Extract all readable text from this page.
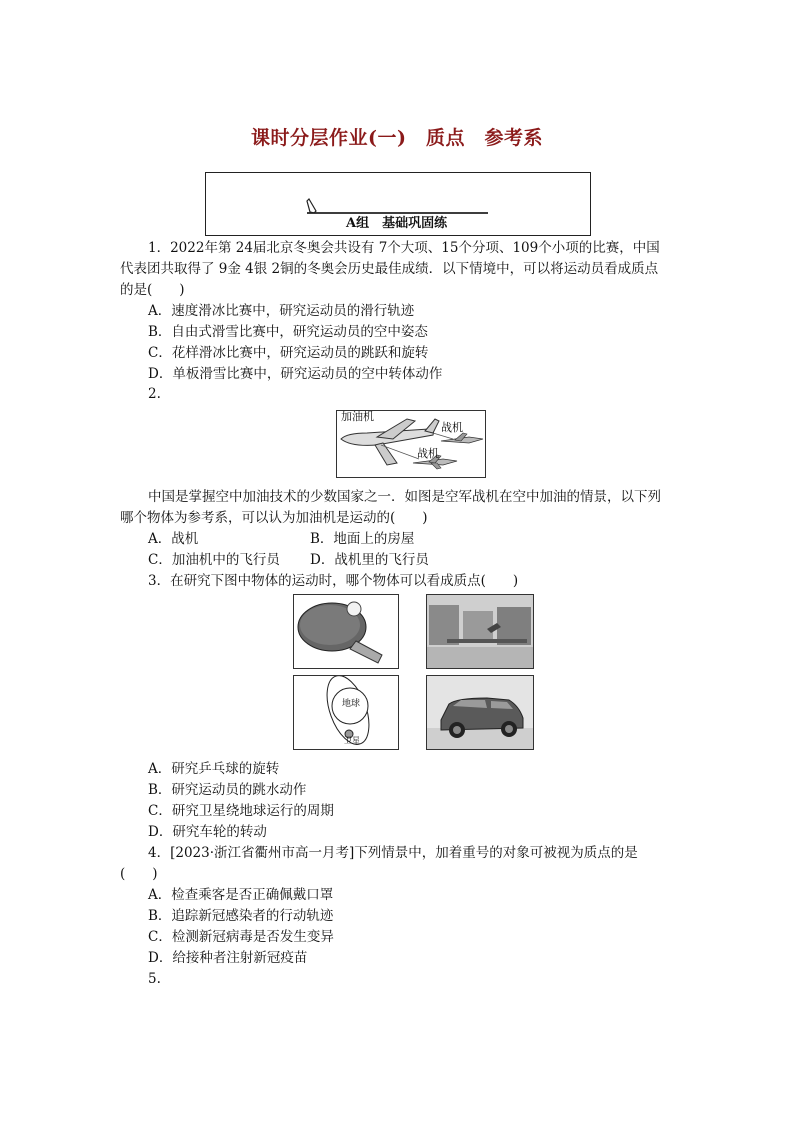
课时分层作业(一)　质点　参考系
A组　基础巩固练
1．2022年第 24届北京冬奥会共设有 7个大项、15个分项、109个小项的比赛，中国
代表团共取得了 9金 4银 2铜的冬奥会历史最佳成绩．以下情境中，可以将运动员看成质点
的是(　　)
A．速度滑冰比赛中，研究运动员的滑行轨迹
B．自由式滑雪比赛中，研究运动员的空中姿态
C．花样滑冰比赛中，研究运动员的跳跃和旋转
D．单板滑雪比赛中，研究运动员的空中转体动作
2.
加油机
战机
战机
中国是掌握空中加油技术的少数国家之一．如图是空军战机在空中加油的情景，以下列
哪个物体为参考系，可以认为加油机是运动的(　　)
A．战机	B．地面上的房屋
C．加油机中的飞行员 D．战机里的飞行员
3．在研究下图中物体的运动时，哪个物体可以看成质点(　　)
地球
卫星
A．研究乒乓球的旋转
B．研究运动员的跳水动作
C．研究卫星绕地球运行的周期
D．研究车轮的转动
4．[2023·浙江省衢州市高一月考]下列情景中，加着重号的对象可被视为质点的是
(　　)
A．检查乘客是否正确佩戴口罩
B．追踪新冠感染者的行动轨迹
C．检测新冠病毒是否发生变异
D．给接种者注射新冠疫苗
5.
